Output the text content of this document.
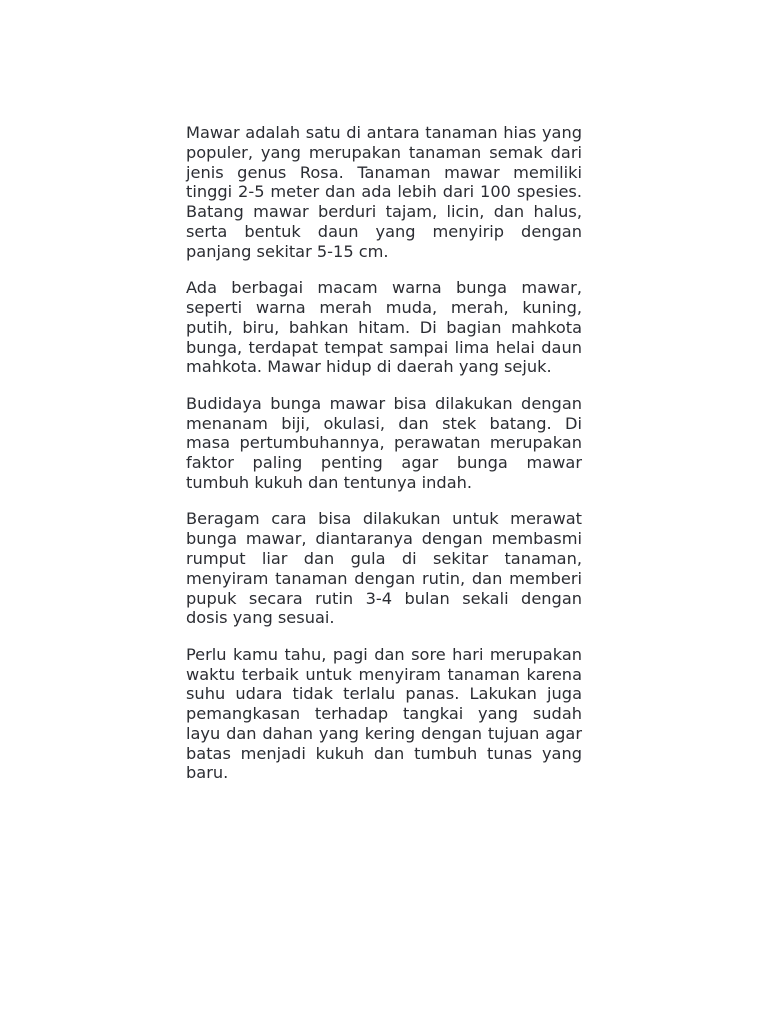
Mawar adalah satu di antara tanaman hias yang populer, yang merupakan tanaman semak dari jenis genus Rosa. Tanaman mawar memiliki tinggi 2-5 meter dan ada lebih dari 100 spesies. Batang mawar berduri tajam, licin, dan halus, serta bentuk daun yang menyirip dengan panjang sekitar 5-15 cm.

Ada berbagai macam warna bunga mawar, seperti warna merah muda, merah, kuning, putih, biru, bahkan hitam. Di bagian mahkota bunga, terdapat tempat sampai lima helai daun mahkota. Mawar hidup di daerah yang sejuk.

Budidaya bunga mawar bisa dilakukan dengan menanam biji, okulasi, dan stek batang. Di masa pertumbuhannya, perawatan merupakan faktor paling penting agar bunga mawar tumbuh kukuh dan tentunya indah.

Beragam cara bisa dilakukan untuk merawat bunga mawar, diantaranya dengan membasmi rumput liar dan gula di sekitar tanaman, menyiram tanaman dengan rutin, dan memberi pupuk secara rutin 3-4 bulan sekali dengan dosis yang sesuai.

Perlu kamu tahu, pagi dan sore hari merupakan waktu terbaik untuk menyiram tanaman karena suhu udara tidak terlalu panas. Lakukan juga pemangkasan terhadap tangkai yang sudah layu dan dahan yang kering dengan tujuan agar batas menjadi kukuh dan tumbuh tunas yang baru.
